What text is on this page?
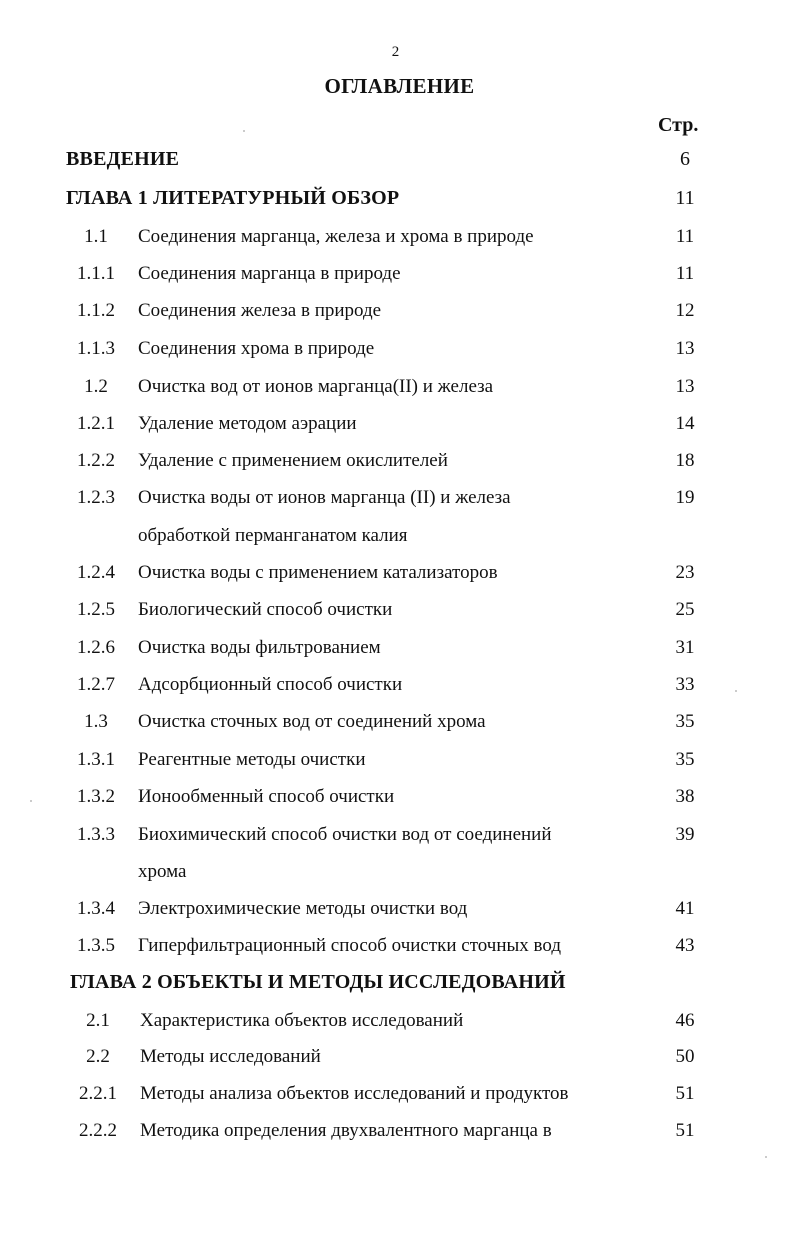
2
ОГЛАВЛЕНИЕ
Стр.
ВВЕДЕНИЕ	6
ГЛАВА 1 ЛИТЕРАТУРНЫЙ ОБЗОР	11
1.1	Соединения марганца, железа и хрома в природе	11
1.1.1	Соединения марганца в природе	11
1.1.2	Соединения железа в природе	12
1.1.3	Соединения хрома в природе	13
1.2	Очистка вод от ионов марганца(II) и железа	13
1.2.1	Удаление методом аэрации	14
1.2.2	Удаление с применением окислителей	18
1.2.3	Очистка воды от ионов марганца (II) и железа	19
обработкой перманганатом калия
1.2.4	Очистка воды с применением катализаторов	23
1.2.5	Биологический способ очистки	25
1.2.6	Очистка воды фильтрованием	31
1.2.7	Адсорбционный способ очистки	33
1.3	Очистка сточных вод от соединений хрома	35
1.3.1	Реагентные методы очистки	35
1.3.2	Ионообменный способ очистки	38
1.3.3	Биохимический способ очистки вод от соединений	39
хрома
1.3.4	Электрохимические методы очистки вод	41
1.3.5	Гиперфильтрационный способ очистки сточных вод	43
ГЛАВА 2 ОБЪЕКТЫ И МЕТОДЫ ИССЛЕДОВАНИЙ
2.1	Характеристика объектов исследований	46
2.2	Методы исследований	50
2.2.1	Методы анализа объектов исследований и продуктов	51
2.2.2	Методика определения двухвалентного марганца в	51
